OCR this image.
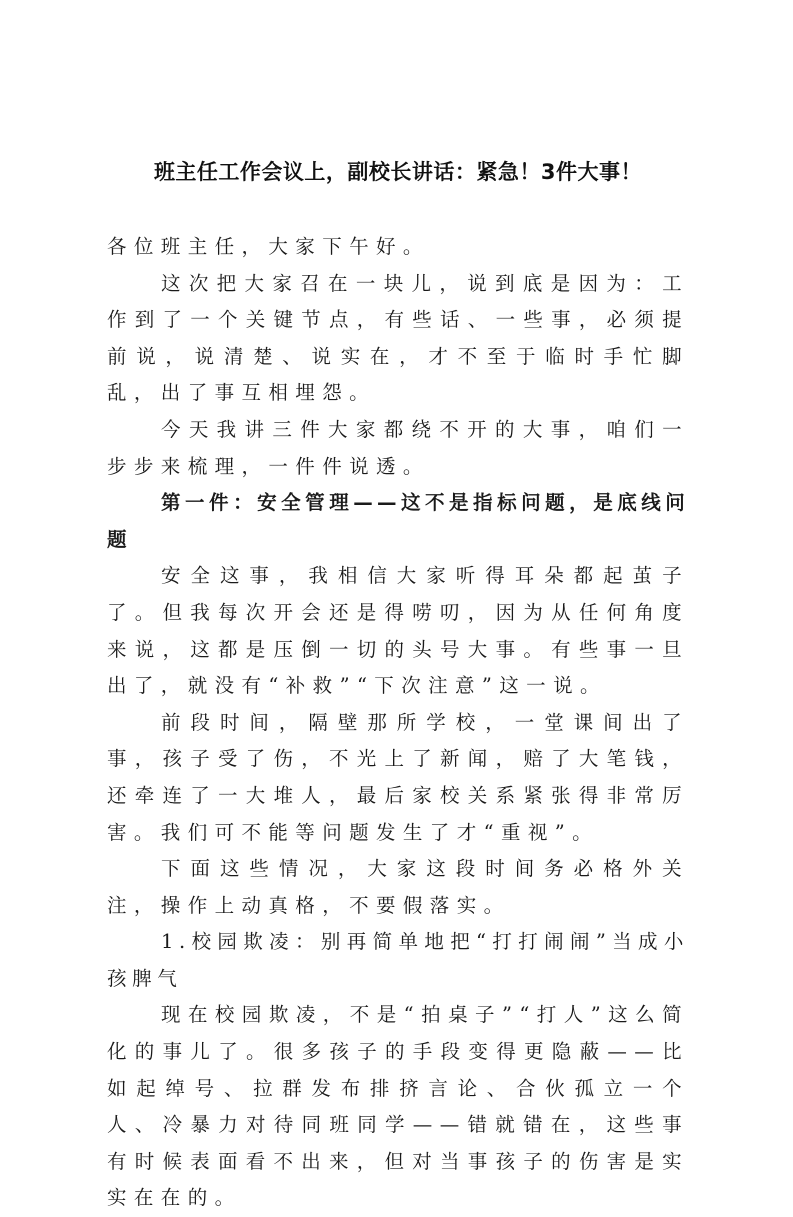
班主任工作会议上，副校长讲话：紧急！3件大事！

各位班主任，大家下午好。

这次把大家召在一块儿，说到底是因为：工作到了一个关键节点，有些话、一些事，必须提前说，说清楚、说实在，才不至于临时手忙脚乱，出了事互相埋怨。

今天我讲三件大家都绕不开的大事，咱们一步步来梳理，一件件说透。

第一件：安全管理——这不是指标问题，是底线问题

安全这事，我相信大家听得耳朵都起茧子了。但我每次开会还是得唠叨，因为从任何角度来说，这都是压倒一切的头号大事。有些事一旦出了，就没有“补救”“下次注意”这一说。

前段时间，隔壁那所学校，一堂课间出了事，孩子受了伤，不光上了新闻，赔了大笔钱，还牵连了一大堆人，最后家校关系紧张得非常厉害。我们可不能等问题发生了才“重视”。

下面这些情况，大家这段时间务必格外关注，操作上动真格，不要假落实。

1.校园欺凌：别再简单地把“打打闹闹”当成小孩脾气

现在校园欺凌，不是“拍桌子”“打人”这么简化的事儿了。很多孩子的手段变得更隐蔽——比如起绰号、拉群发布排挤言论、合伙孤立一个人、冷暴力对待同班同学——错就错在，这些事有时候表面看不出来，但对当事孩子的伤害是实实在在的。
